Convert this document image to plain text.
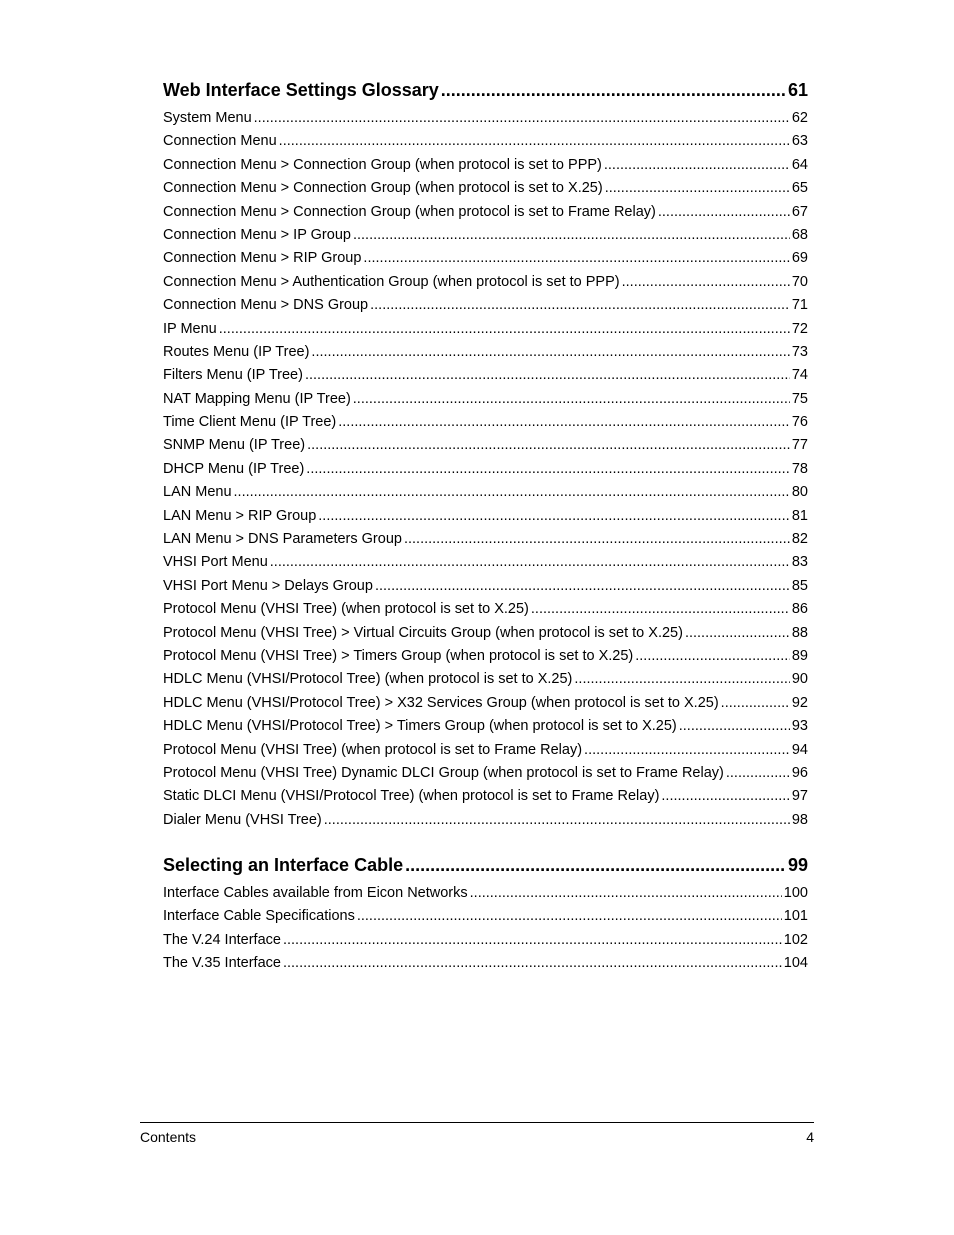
Web Interface Settings Glossary .....	61
System Menu .....	62
Connection Menu .....	63
Connection Menu > Connection Group (when protocol is set to PPP) .....	64
Connection Menu > Connection Group (when protocol is set to X.25) .....	65
Connection Menu > Connection Group (when protocol is set to Frame Relay) .....	67
Connection Menu > IP Group .....	68
Connection Menu > RIP Group .....	69
Connection Menu > Authentication Group (when protocol is set to PPP) .....	70
Connection Menu > DNS Group .....	71
IP Menu .....	72
Routes Menu (IP Tree) .....	73
Filters Menu (IP Tree) .....	74
NAT Mapping Menu (IP Tree) .....	75
Time Client Menu (IP Tree) .....	76
SNMP Menu (IP Tree) .....	77
DHCP Menu (IP Tree) .....	78
LAN Menu .....	80
LAN Menu > RIP Group .....	81
LAN Menu > DNS Parameters Group .....	82
VHSI Port Menu .....	83
VHSI Port Menu > Delays Group .....	85
Protocol Menu (VHSI Tree) (when protocol is set to X.25) .....	86
Protocol Menu (VHSI Tree) > Virtual Circuits Group (when protocol is set to X.25) .....	88
Protocol Menu (VHSI Tree) > Timers Group (when protocol is set to X.25) .....	89
HDLC Menu (VHSI/Protocol Tree) (when protocol is set to X.25) .....	90
HDLC Menu (VHSI/Protocol Tree) > X32 Services Group (when protocol is set to X.25) .....	92
HDLC Menu (VHSI/Protocol Tree) > Timers Group (when protocol is set to X.25) .....	93
Protocol Menu (VHSI Tree) (when protocol is set to Frame Relay) .....	94
Protocol Menu (VHSI Tree) Dynamic DLCI Group (when protocol is set to Frame Relay) .....	96
Static DLCI Menu (VHSI/Protocol Tree) (when protocol is set to Frame Relay) .....	97
Dialer Menu (VHSI Tree) .....	98
Selecting an Interface Cable .....	99
Interface Cables available from Eicon Networks .....	100
Interface Cable Specifications .....	101
The V.24 Interface .....	102
The V.35 Interface .....	104
Contents	4
